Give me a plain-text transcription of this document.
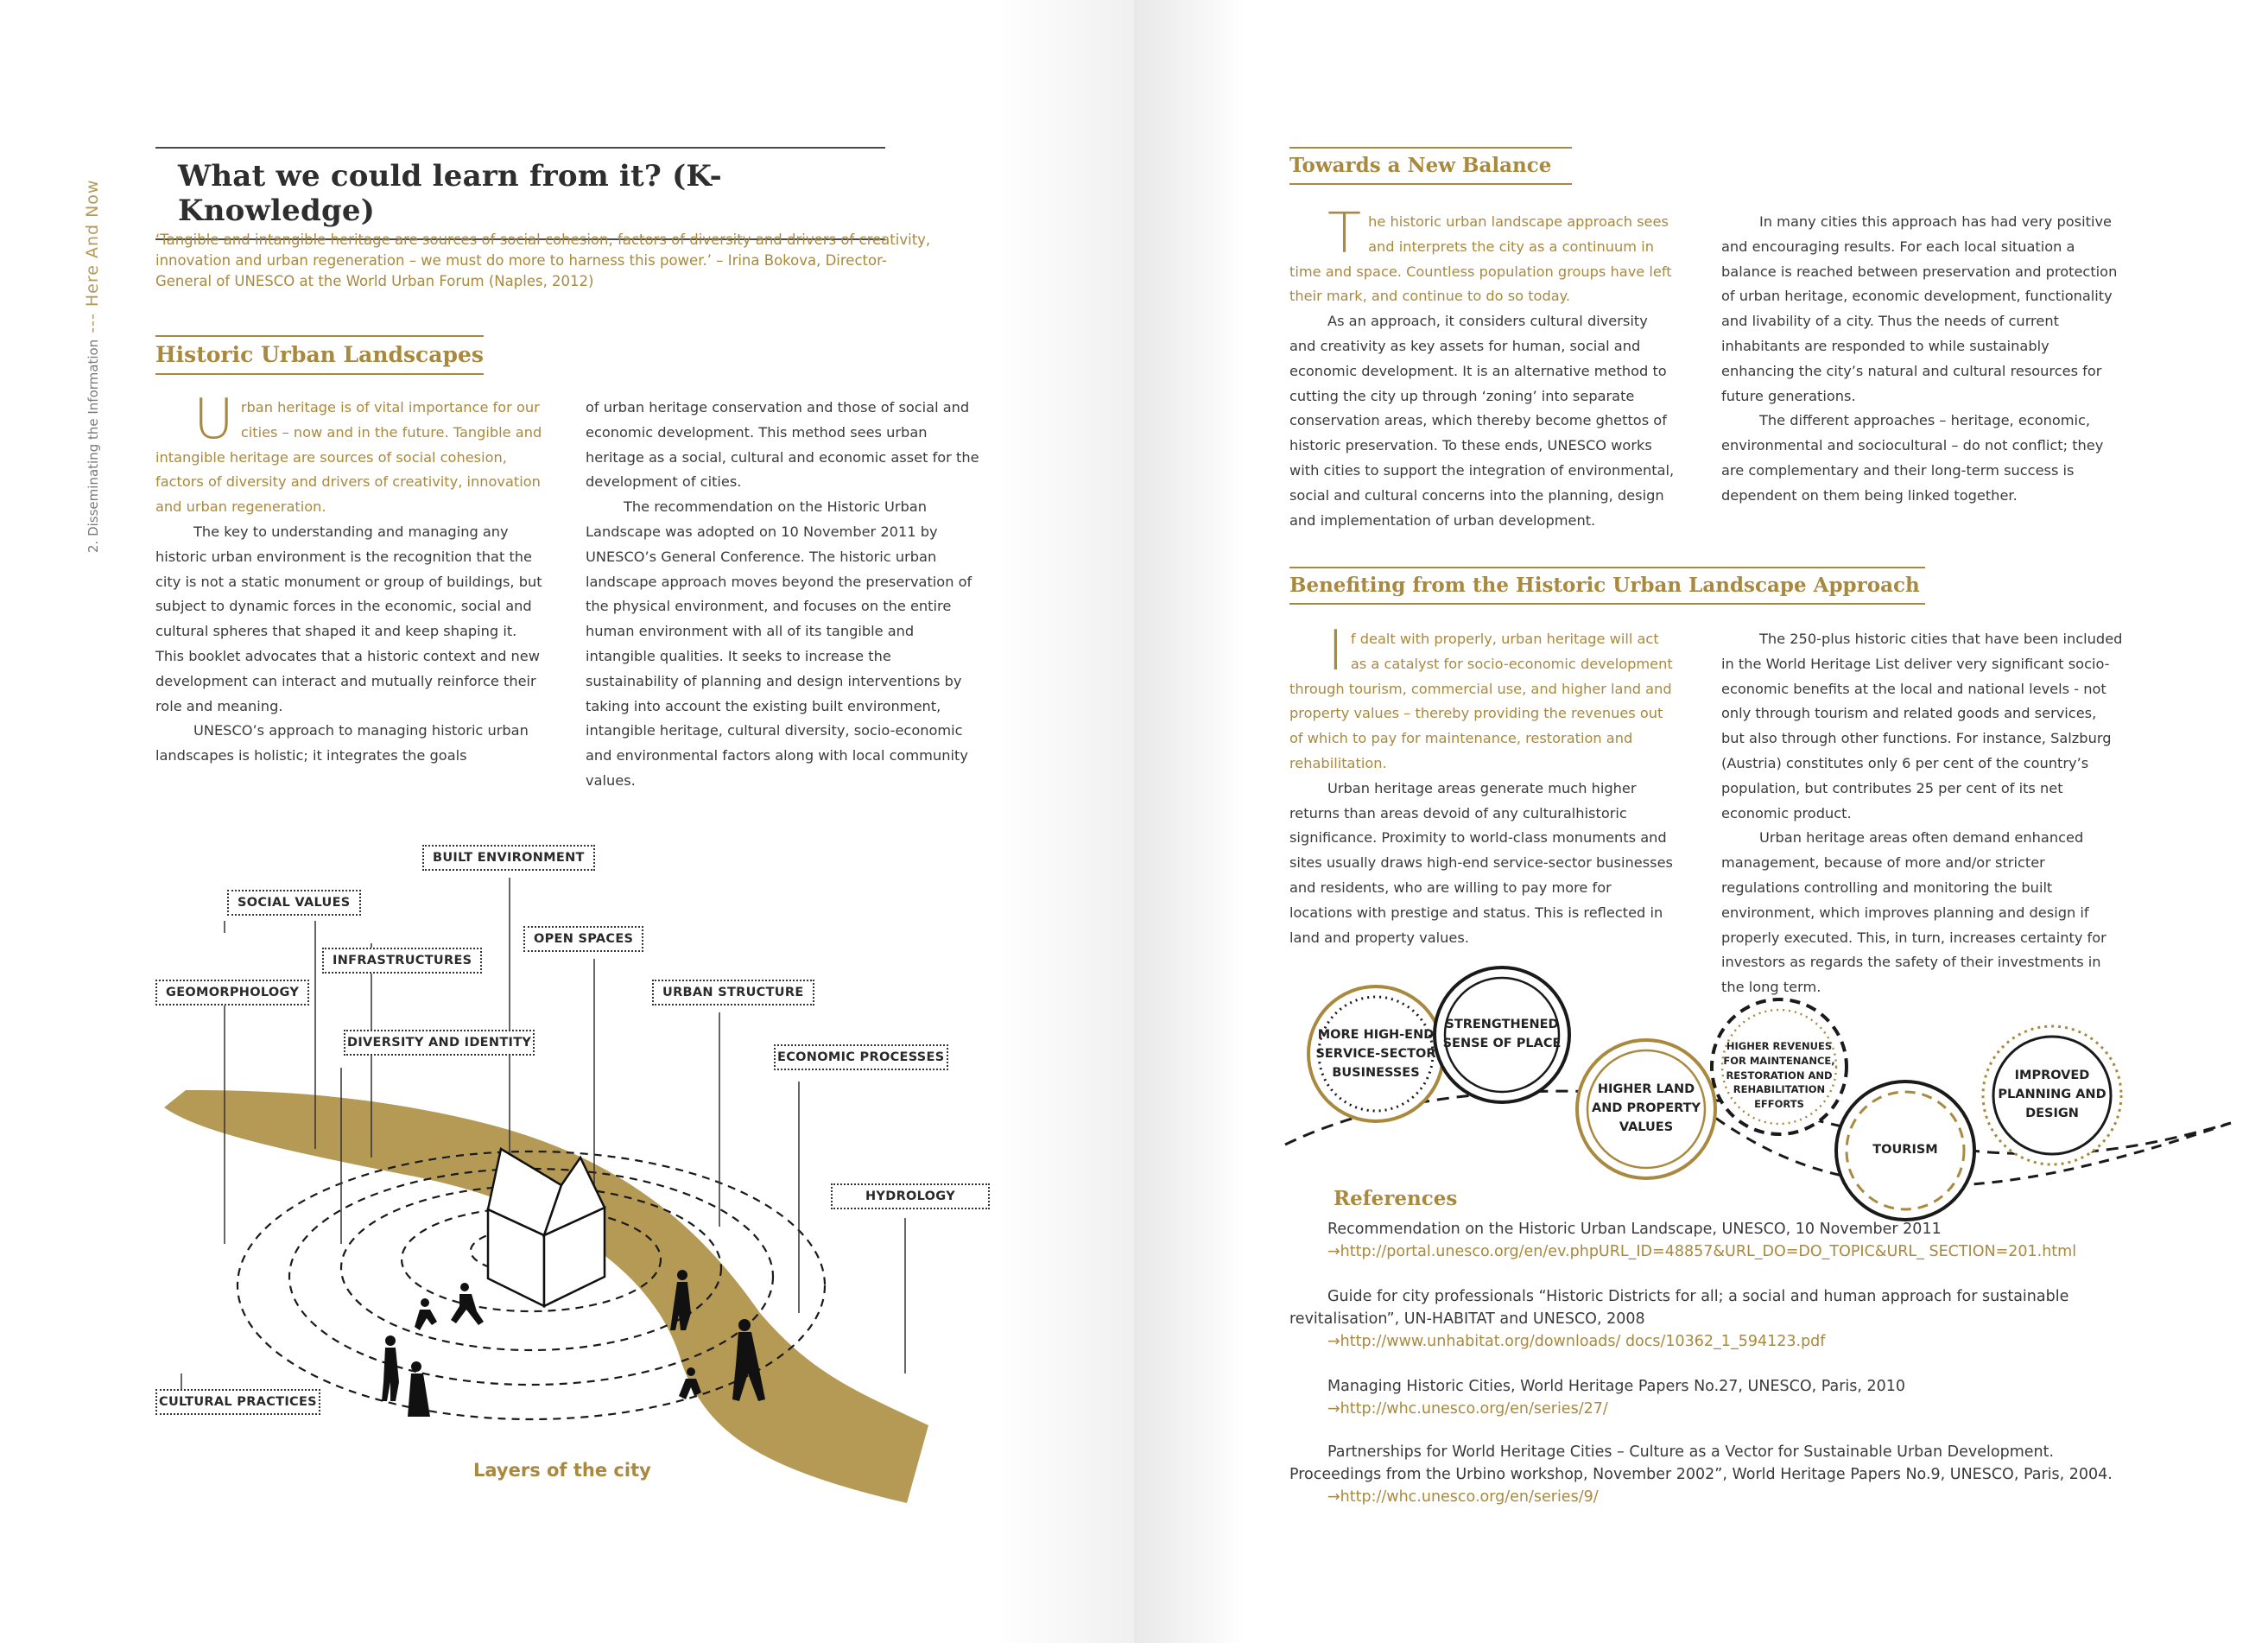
2. Disseminating the Information --- Here And Now
What we could learn from it? (K-Knowledge)
‘Tangible and intangible heritage are sources of social cohesion, factors of diversity and drivers of creativity, innovation and urban regeneration – we must do more to harness this power.’ – Irina Bokova, Director-General of UNESCO at the World Urban Forum (Naples, 2012)
Historic Urban Landscapes

Urban heritage is of vital importance for our cities – now and in the future. Tangible and intangible heritage are sources of social cohesion, factors of diversity and drivers of creativity, innovation and urban regeneration.

The key to understanding and managing any historic urban environment is the recognition that the city is not a static monument or group of buildings, but subject to dynamic forces in the economic, social and cultural spheres that shaped it and keep shaping it. This booklet advocates that a historic context and new development can interact and mutually reinforce their role and meaning.

UNESCO’s approach to managing historic urban landscapes is holistic; it integrates the goals

of urban heritage conservation and those of social and economic development. This method sees urban heritage as a social, cultural and economic asset for the development of cities.

The recommendation on the Historic Urban Landscape was adopted on 10 November 2011 by UNESCO’s General Conference. The historic urban landscape approach moves beyond the preservation of the physical environment, and focuses on the entire human environment with all of its tangible and intangible qualities. It seeks to increase the sustainability of planning and design interventions by taking into account the existing built environment, intangible heritage, cultural diversity, socio-economic and environmental factors along with local community values.

BUILT ENVIRONMENT
SOCIAL VALUES
INFRASTRUCTURES
OPEN SPACES
GEOMORPHOLOGY	URBAN STRUCTURE
DIVERSITY AND IDENTITY
ECONOMIC PROCESSES
HYDROLOGY
CULTURAL PRACTICES
Layers of the city
Towards a New Balance

The historic urban landscape approach sees and interprets the city as a continuum in time and space. Countless population groups have left their mark, and continue to do so today.

As an approach, it considers cultural diversity and creativity as key assets for human, social and economic development. It is an alternative method to cutting the city up through ‘zoning’ into separate conservation areas, which thereby become ghettos of historic preservation. To these ends, UNESCO works with cities to support the integration of environmental, social and cultural concerns into the planning, design and implementation of urban development.

In many cities this approach has had very positive and encouraging results. For each local situation a balance is reached between preservation and protection of urban heritage, economic development, functionality and livability of a city. Thus the needs of current inhabitants are responded to while sustainably enhancing the city’s natural and cultural resources for future generations.

The different approaches – heritage, economic, environmental and sociocultural – do not conflict; they are complementary and their long-term success is dependent on them being linked together.

Benefiting from the Historic Urban Landscape Approach

If dealt with properly, urban heritage will act as a catalyst for socio-economic development through tourism, commercial use, and higher land and property values – thereby providing the revenues out of which to pay for maintenance, restoration and rehabilitation.

Urban heritage areas generate much higher returns than areas devoid of any culturalhistoric significance. Proximity to world-class monuments and sites usually draws high-end service-sector businesses and residents, who are willing to pay more for locations with prestige and status. This is reflected in land and property values.

The 250-plus historic cities that have been included in the World Heritage List deliver very significant socio-economic benefits at the local and national levels - not only through tourism and related goods and services, but also through other functions. For instance, Salzburg (Austria) constitutes only 6 per cent of the country’s population, but contributes 25 per cent of its net economic product.

Urban heritage areas often demand enhanced management, because of more and/or stricter regulations controlling and monitoring the built environment, which improves planning and design if properly executed. This, in turn, increases certainty for investors as regards the safety of their investments in the long term.

MORE HIGH-END
SERVICE-SECTOR
BUSINESSES
STRENGTHENED
SENSE OF PLACE
HIGHER LAND
AND PROPERTY
VALUES
HIGHER REVENUES
FOR MAINTENANCE,
RESTORATION AND
REHABILITATION
EFFORTS
TOURISM
IMPROVED
PLANNING AND
DESIGN
References
Recommendation on the Historic Urban Landscape, UNESCO, 10 November 2011
→http://portal.unesco.org/en/ev.phpURL_ID=48857&URL_DO=DO_TOPIC&URL_ SECTION=201.html
Guide for city professionals “Historic Districts for all; a social and human approach for sustainable revitalisation”, UN-HABITAT and UNESCO, 2008
→http://www.unhabitat.org/downloads/ docs/10362_1_594123.pdf
Managing Historic Cities, World Heritage Papers No.27, UNESCO, Paris, 2010
→http://whc.unesco.org/en/series/27/
Partnerships for World Heritage Cities – Culture as a Vector for Sustainable Urban Development. Proceedings from the Urbino workshop, November 2002”, World Heritage Papers No.9, UNESCO, Paris, 2004.
→http://whc.unesco.org/en/series/9/
